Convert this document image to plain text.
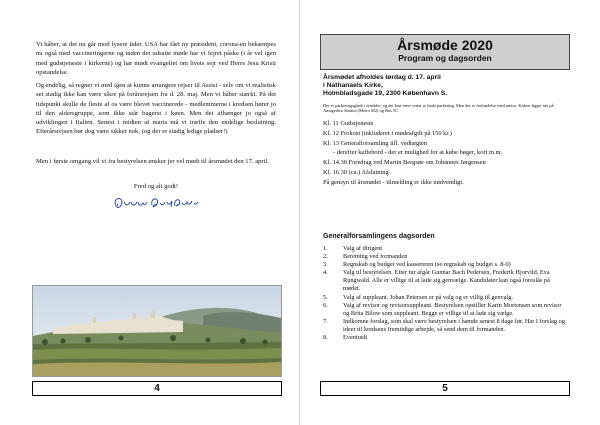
Vi håber, at det nu går mod lysere tider. USA har fået ny præsident, corona-en bekæmpes nu også med vaccineringerne og inden det udsatte møde har vi fejret påske (i år vel igen med gudstjeneste i kirkerne) og har mødt evangeliet om livets sejr ved Herre Jesu Kristi opstandelse.

Og endelig, så regner vi med igen at kunne arrangere rejser til Assisi - selv om vi realistisk set stadig ikke kan være sikre på forårsrejsen fra d. 28. maj. Men vi håber stærkt. På det tidspunkt skulle de fleste af os være blevet vaccinerede - medlemmerne i kredsen hører jo til den aldersgruppe, som ikke står bagerst i køen. Men det afhænger jo også af udviklingen i Italien. Senest i midten af marts må vi træffe den endelige beslutning. Efterårsrejsen bør dog være sikker nok, (og der er stadig ledige pladser!)

Men i første omgang vil vi fra bestyrelsen ønsker jer vel mødt til årsmødet den 17. april.

Fred og alt godt!
4
Årsmøde 2020
Program og dagsorden
Årsmødet afholdes lørdag d. 17. april
i Nathanaels Kirke,
Holmbladsgade 19, 2300 København S.

Der er parkeringsgårdt i området, og der kan være svært at finde parkering. Men der er forbindelse med metro. Kirken ligger tæt på Amagerbro Station (Metro M2) og Bus 5C.

Kl. 11 Gudstjeneste
Kl. 12 Frokost (inkluderet i mødeafgift på 150 kr.)
Kl. 13 Generalforsamling iífl. vedtægten
- derefter kaffebord - der er mulighed for at købe bøger, kort m.m.
Kl. 14.30 Foredrag ved Martin Bergsøe om Johannes Jørgensen
Kl. 16.30 (ca.) Afslutning
På gensyn til årsmødet - tilmelding er ikke nødvendigt.
Generalforsamlingens dagsorden
1.	Valg af dirigent
2.	Beretning ved formanden
3.	Regnskab og budget ved kassereren (se regnskab og budget s. 8-9)
4.	Valg til bestyrelsen. Efter tur afgår Gunnar Bach Pedersen, Frederik Hjorvild, Eva Rungwald. Alle er villige til at lade sig genvælge. Kandidater kan også foreslås på mødet.
5.	Valg af suppleant. Johan Petersen er på valg og er villig til genvalg.
6.	Valg af revisor og revisorsuppleant. Bestyrelsen opstiller Karin Mortensen som revisor og Brita Bilow som suppleant. Begge er villige til at lade sig vælge.
7.	Indkomne forslag, som skal være bestyrelsen i hænde senest 8 dage før. Har I forslag og ideer til kredsens fremtidige arbejde, så send dem til formanden.
8.	Eventuelt
5
